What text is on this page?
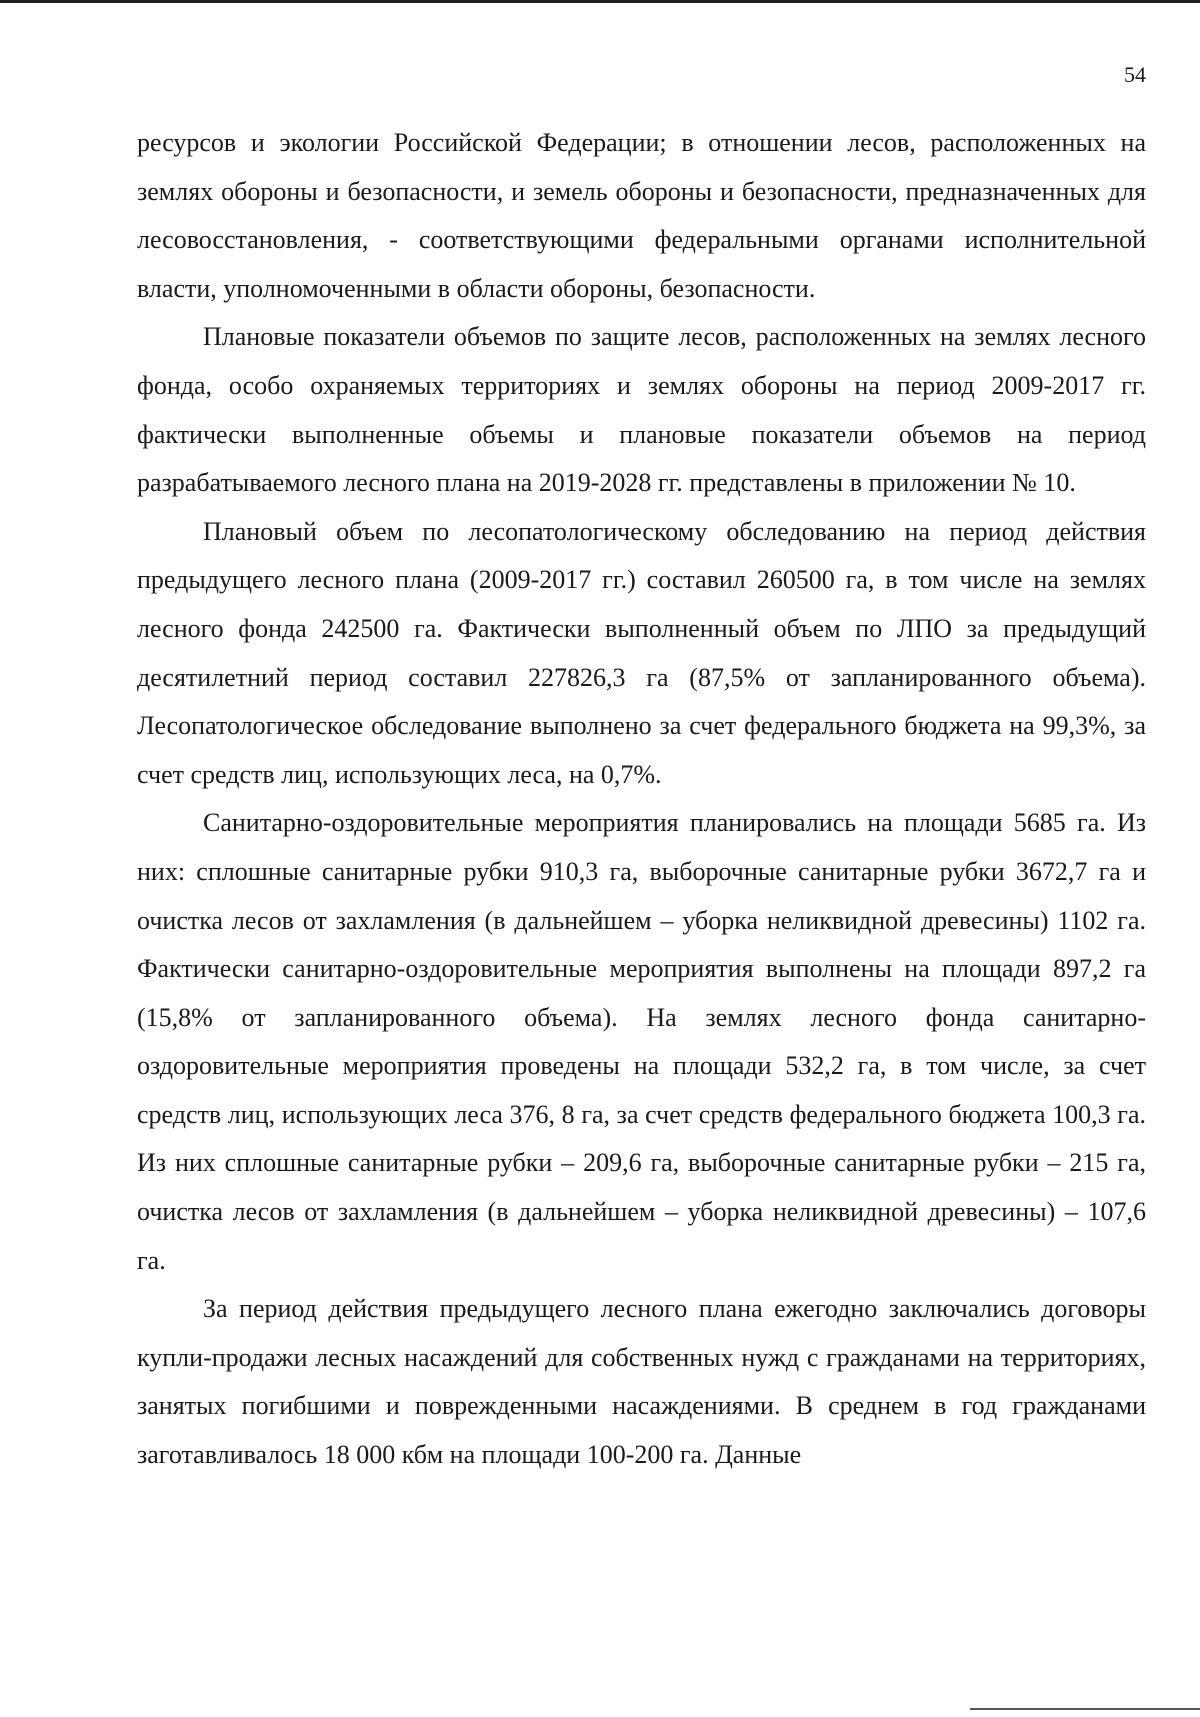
54

ресурсов и экологии Российской Федерации; в отношении лесов, расположенных на землях обороны и безопасности, и земель обороны и безопасности, предназначенных для лесовосстановления, - соответствующими федеральными органами исполнительной власти, уполномоченными в области обороны, безопасности.

Плановые показатели объемов по защите лесов, расположенных на землях лесного фонда, особо охраняемых территориях и землях обороны на период 2009-2017 гг. фактически выполненные объемы и плановые показатели объемов на период разрабатываемого лесного плана на 2019-2028 гг. представлены в приложении № 10.

Плановый объем по лесопатологическому обследованию на период действия предыдущего лесного плана (2009-2017 гг.) составил 260500 га, в том числе на землях лесного фонда 242500 га. Фактически выполненный объем по ЛПО за предыдущий десятилетний период составил 227826,3 га (87,5% от запланированного объема). Лесопатологическое обследование выполнено за счет федерального бюджета на 99,3%, за счет средств лиц, использующих леса, на 0,7%.

Санитарно-оздоровительные мероприятия планировались на площади 5685 га. Из них: сплошные санитарные рубки 910,3 га, выборочные санитарные рубки 3672,7 га и очистка лесов от захламления (в дальнейшем – уборка неликвидной древесины) 1102 га. Фактически санитарно-оздоровительные мероприятия выполнены на площади 897,2 га (15,8% от запланированного объема). На землях лесного фонда санитарно-оздоровительные мероприятия проведены на площади 532,2 га, в том числе, за счет средств лиц, использующих леса 376, 8 га, за счет средств федерального бюджета 100,3 га. Из них сплошные санитарные рубки – 209,6 га, выборочные санитарные рубки – 215 га, очистка лесов от захламления (в дальнейшем – уборка неликвидной древесины) – 107,6 га.

За период действия предыдущего лесного плана ежегодно заключались договоры купли-продажи лесных насаждений для собственных нужд с гражданами на территориях, занятых погибшими и поврежденными насаждениями. В среднем в год гражданами заготавливалось 18 000 кбм на площади 100-200 га. Данные
